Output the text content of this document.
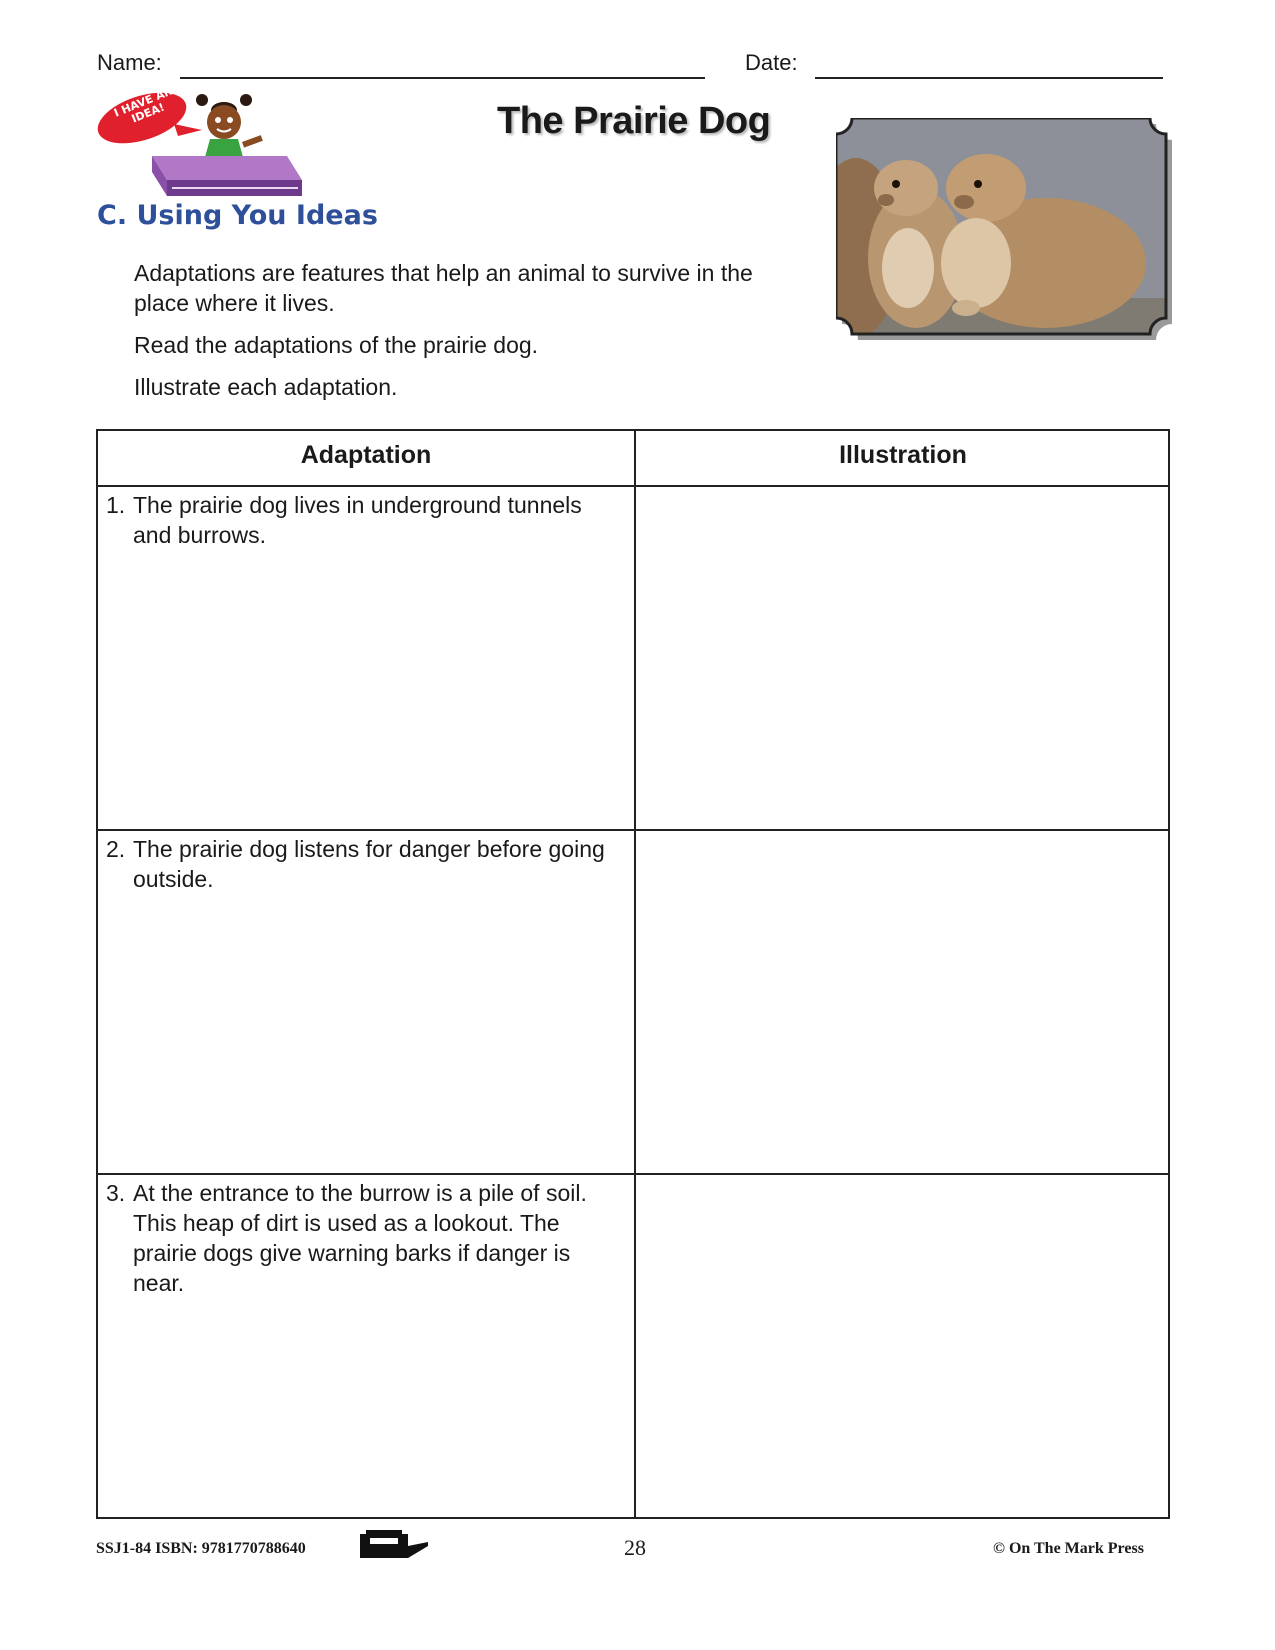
Name:	Date:
I HAVE AN IDEA!
C. Using You Ideas
The Prairie Dog
Adaptations are features that help an animal to survive in the place where it lives.
Read the adaptations of the prairie dog.
Illustrate each adaptation.
Adaptation	Illustration
1. The prairie dog lives in underground tunnels and burrows.
2. The prairie dog listens for danger before going outside.
3. At the entrance to the burrow is a pile of soil. This heap of dirt is used as a lookout. The prairie dogs give warning barks if danger is near.
SSJ1-84 ISBN: 9781770788640	28	© On The Mark Press
